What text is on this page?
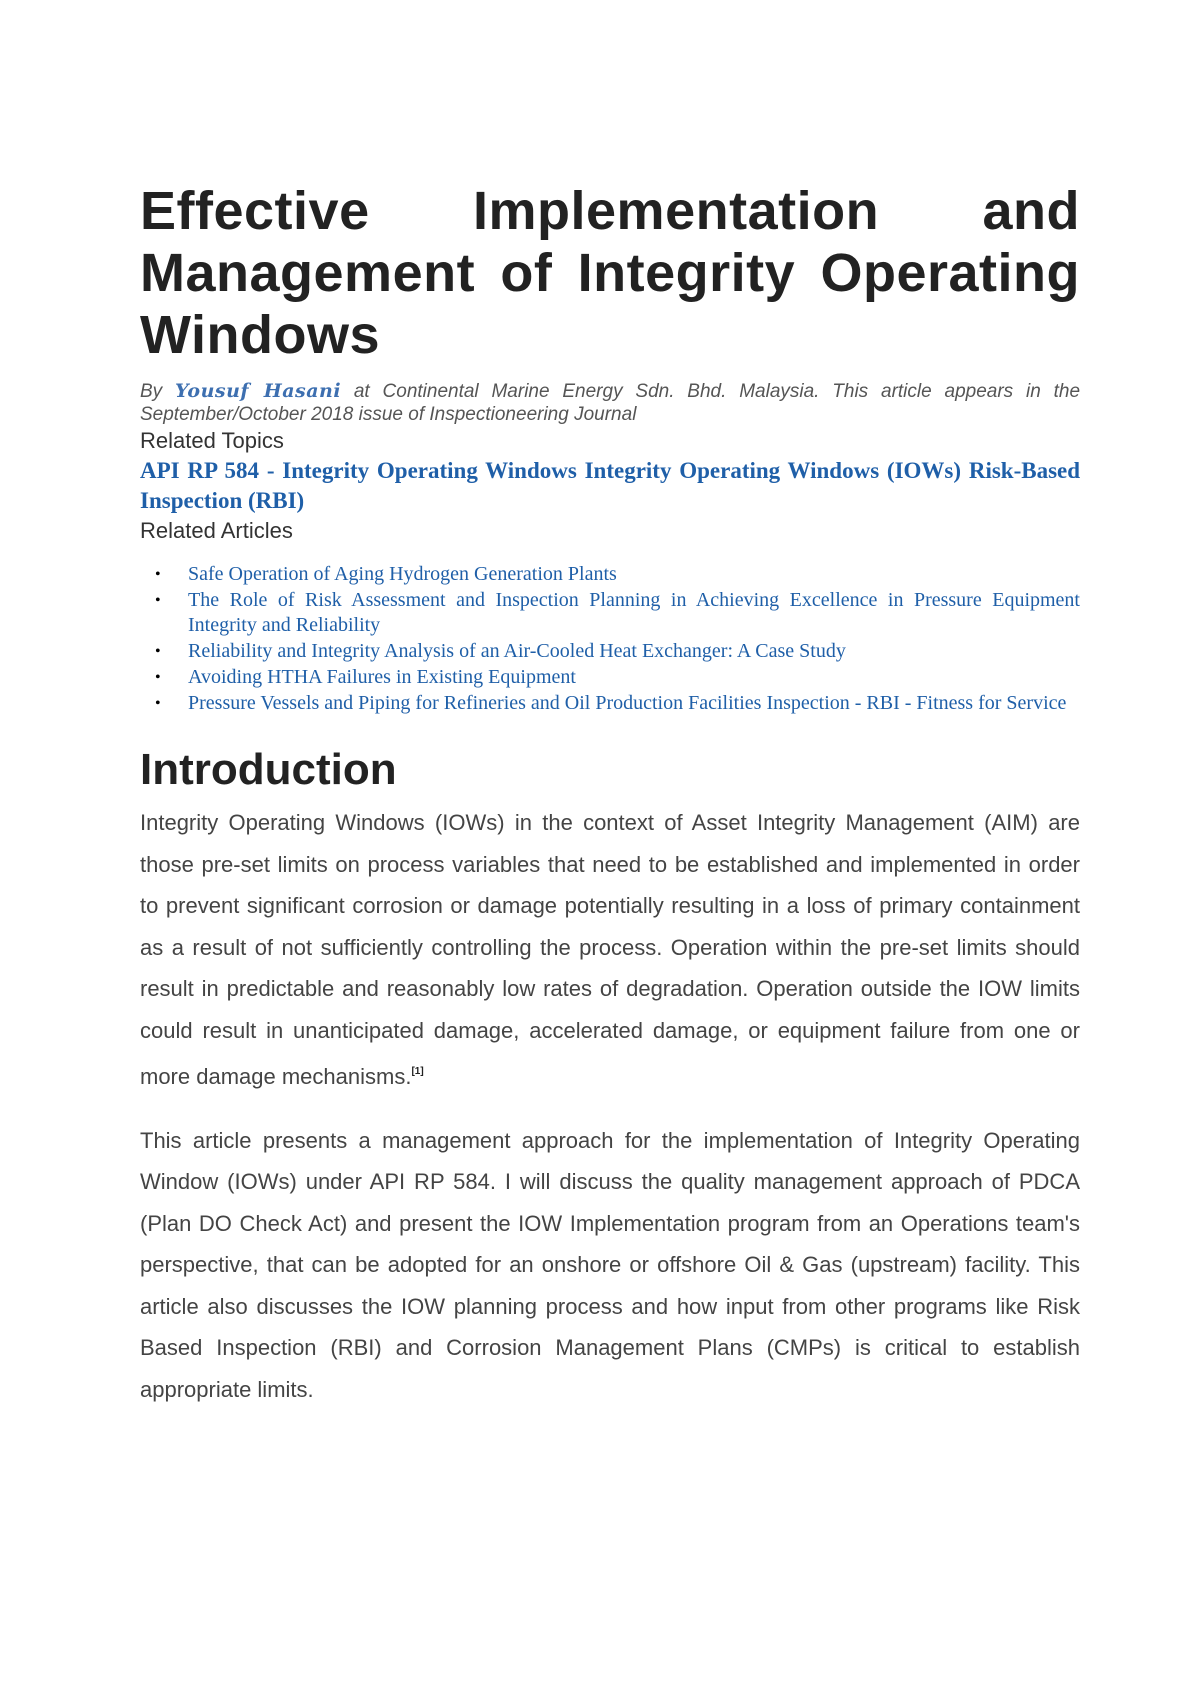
Effective Implementation and Management of Integrity Operating Windows
By Yousuf Hasani at Continental Marine Energy Sdn. Bhd. Malaysia. This article appears in the September/October 2018 issue of Inspectioneering Journal
Related Topics
API RP 584 - Integrity Operating Windows Integrity Operating Windows (IOWs) Risk-Based Inspection (RBI)
Related Articles
• Safe Operation of Aging Hydrogen Generation Plants
• The Role of Risk Assessment and Inspection Planning in Achieving Excellence in Pressure Equipment Integrity and Reliability
• Reliability and Integrity Analysis of an Air-Cooled Heat Exchanger: A Case Study
• Avoiding HTHA Failures in Existing Equipment
• Pressure Vessels and Piping for Refineries and Oil Production Facilities Inspection - RBI - Fitness for Service
Introduction

Integrity Operating Windows (IOWs) in the context of Asset Integrity Management (AIM) are those pre-set limits on process variables that need to be established and implemented in order to prevent significant corrosion or damage potentially resulting in a loss of primary containment as a result of not sufficiently controlling the process. Operation within the pre-set limits should result in predictable and reasonably low rates of degradation. Operation outside the IOW limits could result in unanticipated damage, accelerated damage, or equipment failure from one or more damage mechanisms.[1]

This article presents a management approach for the implementation of Integrity Operating Window (IOWs) under API RP 584. I will discuss the quality management approach of PDCA (Plan DO Check Act) and present the IOW Implementation program from an Operations team's perspective, that can be adopted for an onshore or offshore Oil & Gas (upstream) facility. This article also discusses the IOW planning process and how input from other programs like Risk Based Inspection (RBI) and Corrosion Management Plans (CMPs) is critical to establish appropriate limits.
